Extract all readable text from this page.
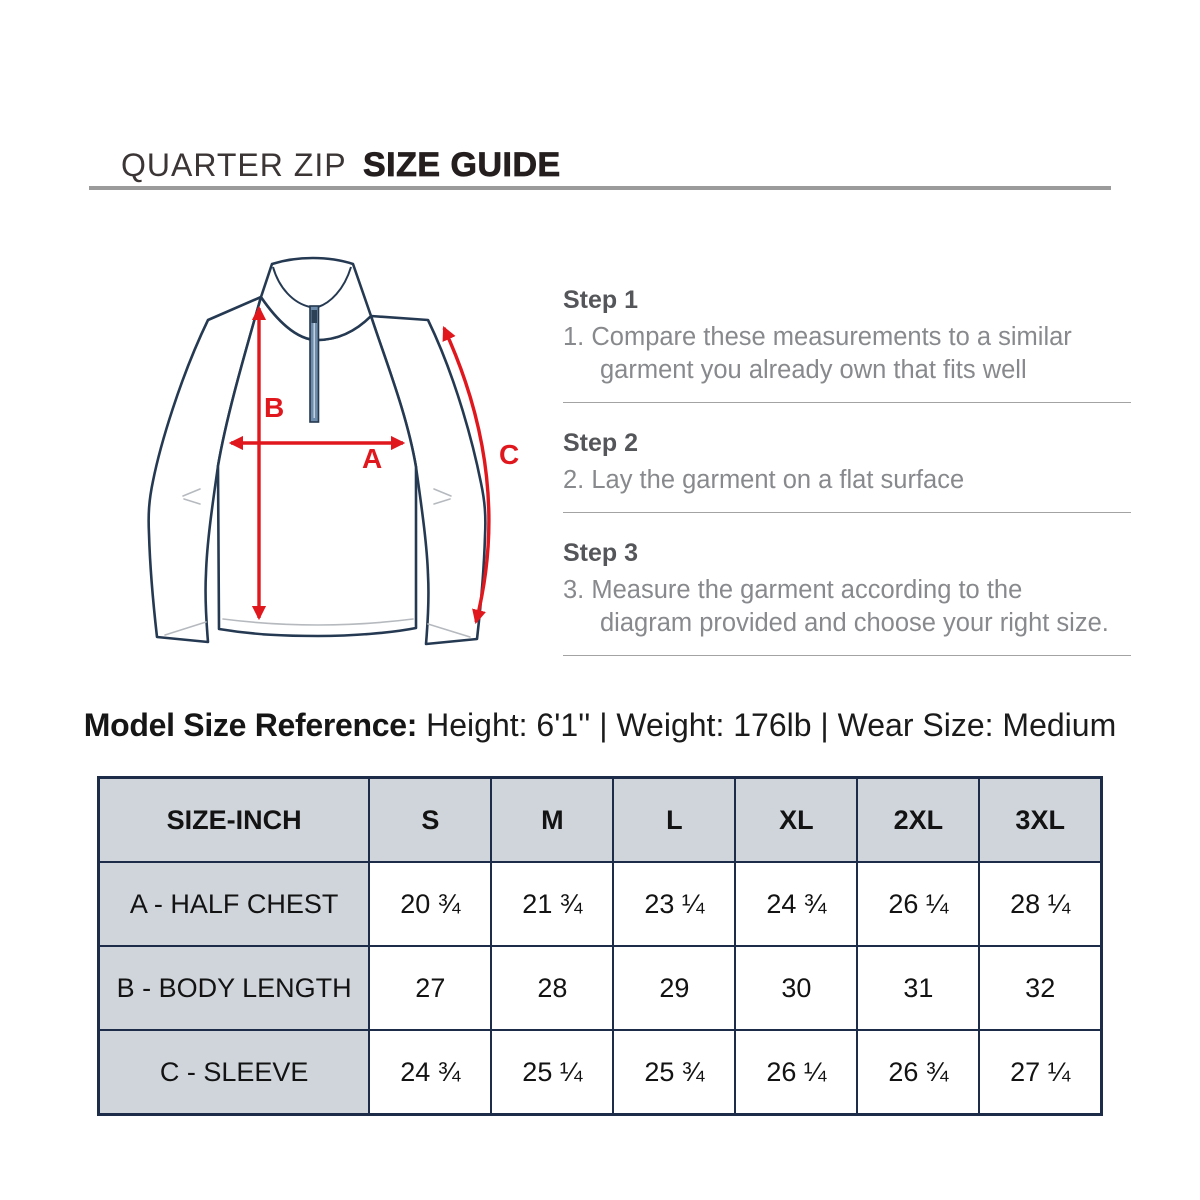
QUARTER ZIP SIZE GUIDE
B
A	C
Step 1
1. Compare these measurements to a similar
garment you already own that fits well
Step 2
2. Lay the garment on a flat surface
Step 3
3. Measure the garment according to the
diagram provided and choose your right size.
Model Size Reference: Height: 6'1'' | Weight: 176lb | Wear Size: Medium
SIZE-INCH	S	M	L	XL	2XL	3XL
A - HALF CHEST	20 ¾	21 ¾	23 ¼	24 ¾	26 ¼	28 ¼
B - BODY LENGTH	27	28	29	30	31	32
C - SLEEVE	24 ¾	25 ¼	25 ¾	26 ¼	26 ¾	27 ¼
